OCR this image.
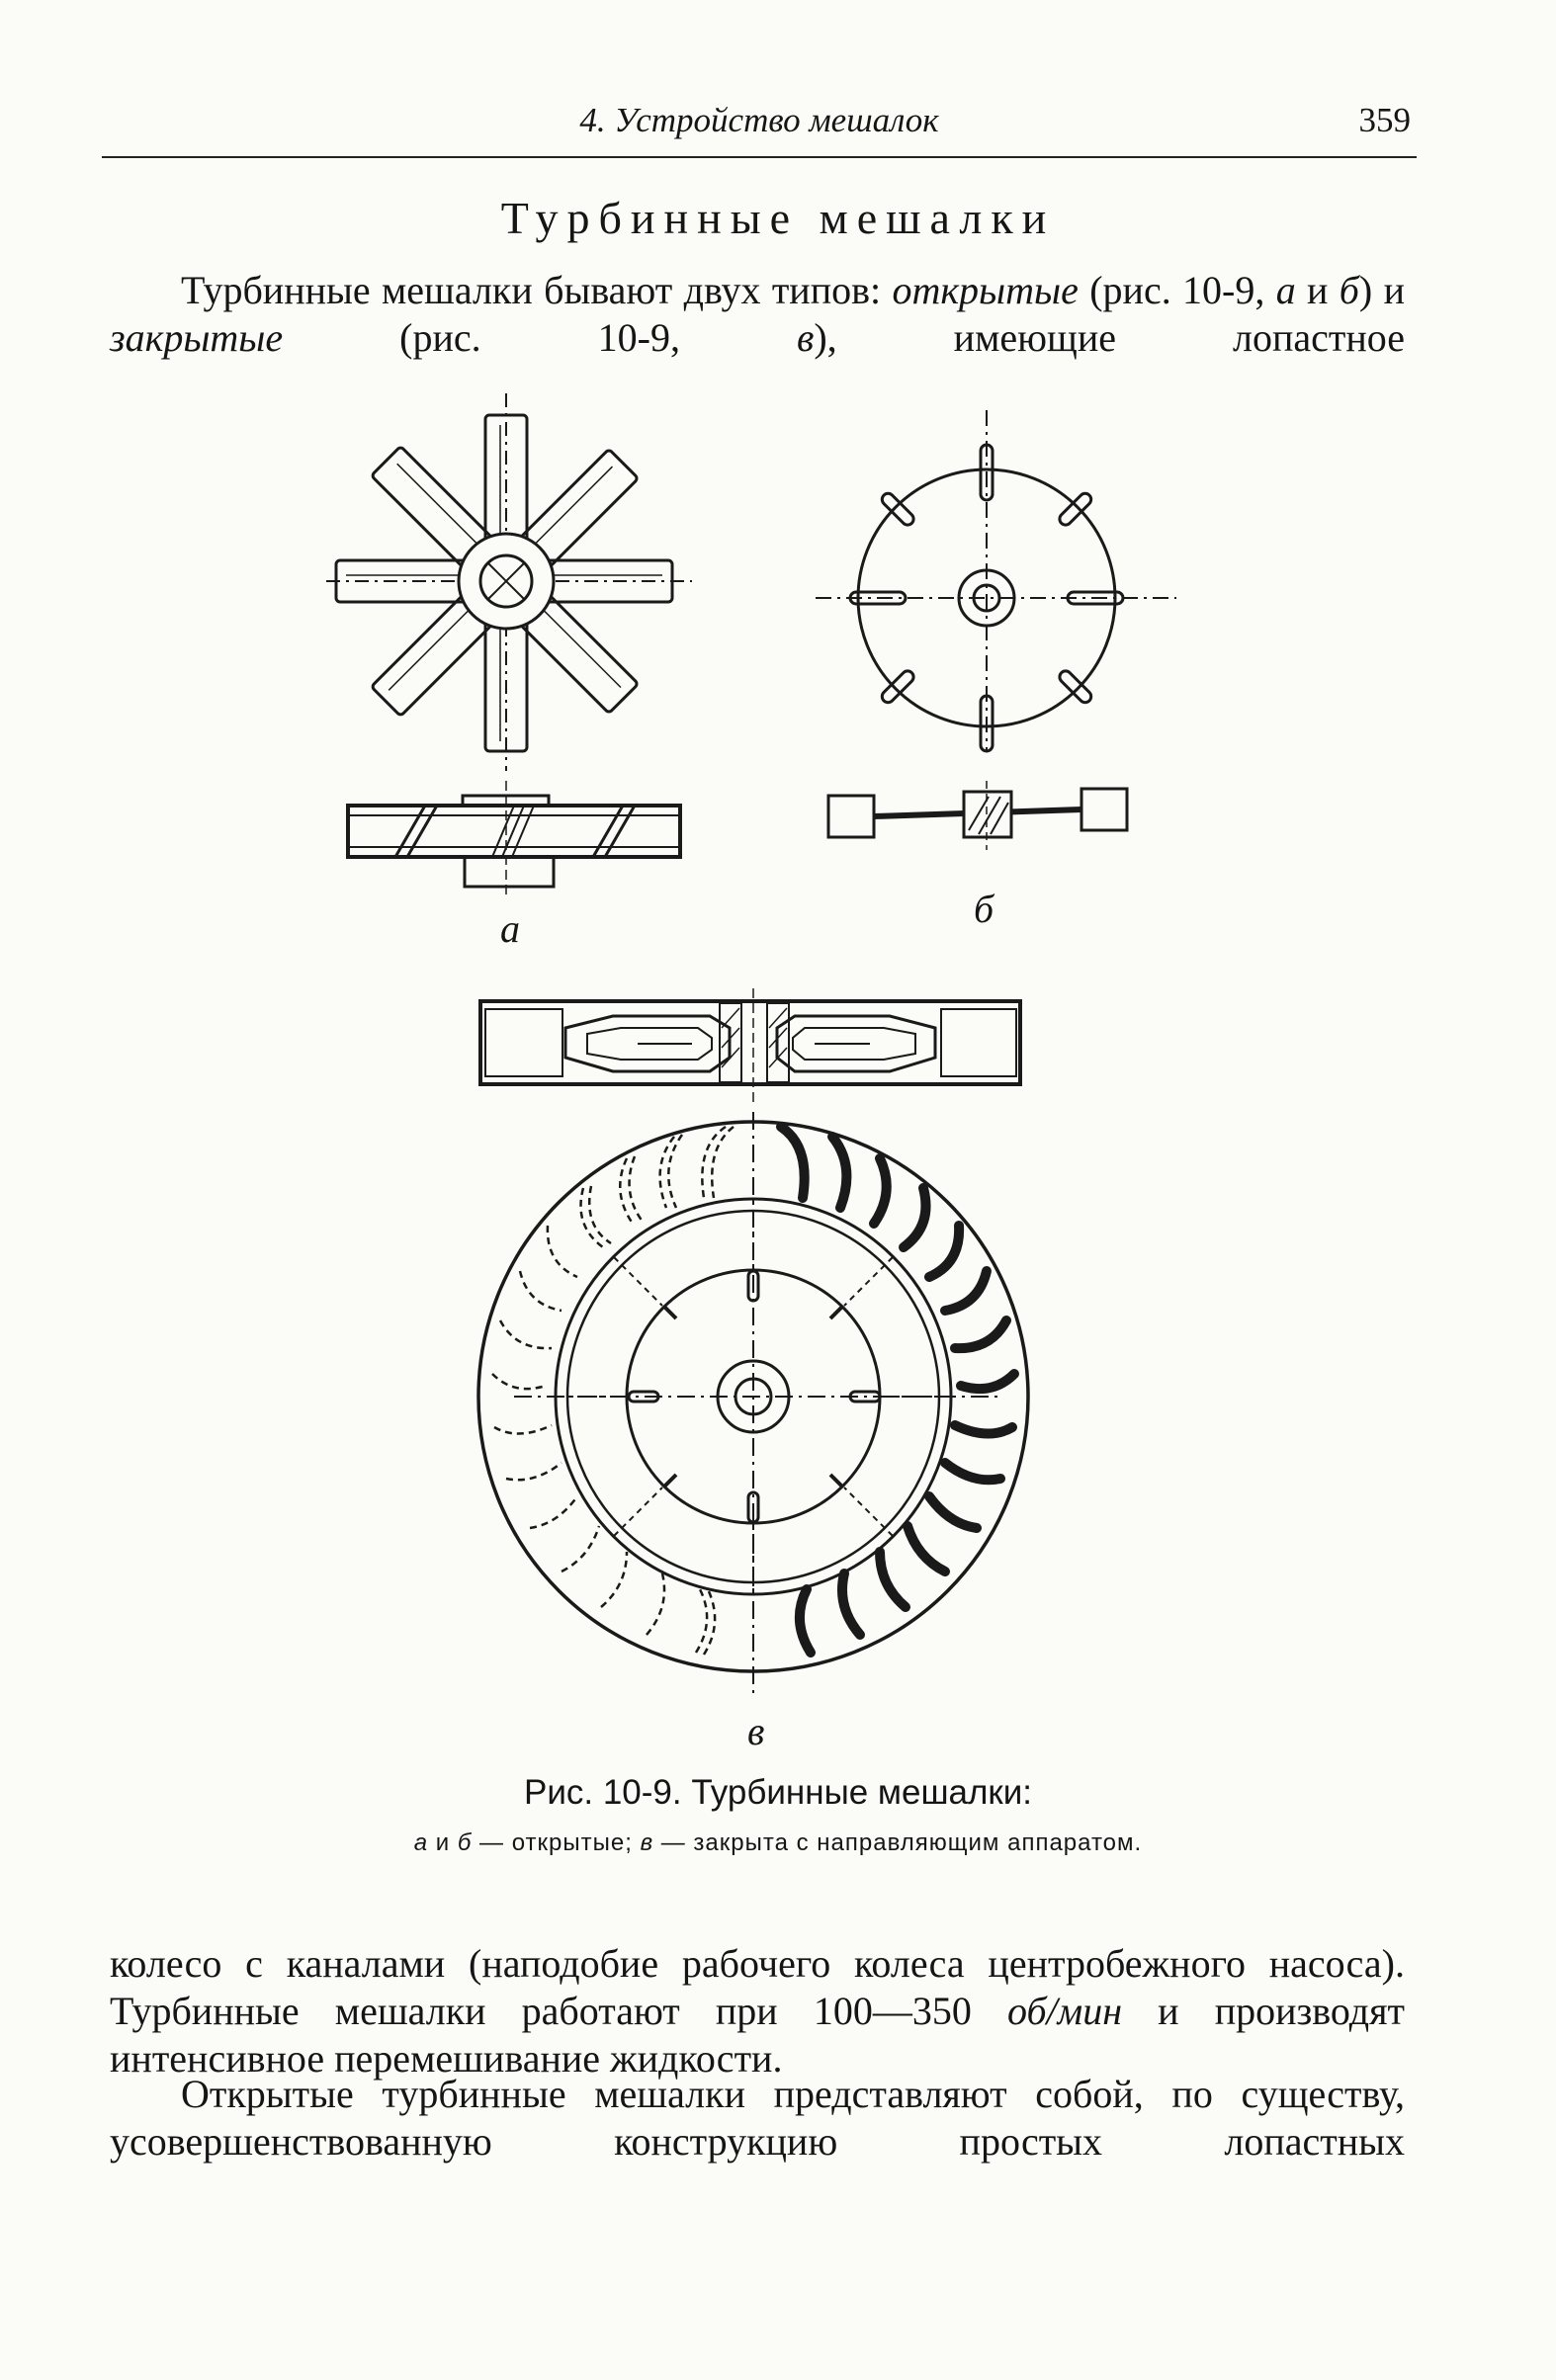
4. Устройство мешалок	359
Турбинные мешалки
Турбинные мешалки бывают двух типов: открытые (рис. 10-9, а и б) и закрытые (рис. 10-9, в), имеющие лопастное
а	б
в
Рис. 10-9. Турбинные мешалки:
а и б — открытые; в — закрыта с направляющим аппаратом.
колесо с каналами (наподобие рабочего колеса центробежного насоса). Турбинные мешалки работают при 100—350 об/мин и производят интенсивное перемешивание жидкости.
Открытые турбинные мешалки представляют собой, по существу, усовершенствованную конструкцию простых лопастных
